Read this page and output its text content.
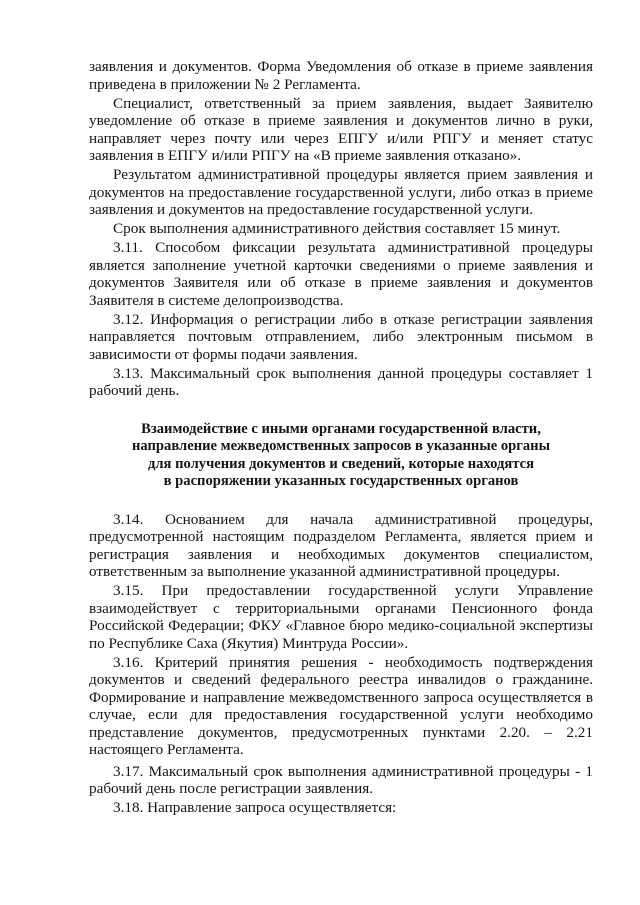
заявления и документов. Форма Уведомления об отказе в приеме заявления приведена в приложении № 2 Регламента.

Специалист, ответственный за прием заявления, выдает Заявителю уведомление об отказе в приеме заявления и документов лично в руки, направляет через почту или через ЕПГУ и/или РПГУ и меняет статус заявления в ЕПГУ и/или РПГУ на «В приеме заявления отказано».

Результатом административной процедуры является прием заявления и документов на предоставление государственной услуги, либо отказ в приеме заявления и документов на предоставление государственной услуги.

Срок выполнения административного действия составляет 15 минут.

3.11. Способом фиксации результата административной процедуры является заполнение учетной карточки сведениями о приеме заявления и документов Заявителя или об отказе в приеме заявления и документов Заявителя в системе делопроизводства.

3.12. Информация о регистрации либо в отказе регистрации заявления направляется почтовым отправлением, либо электронным письмом в зависимости от формы подачи заявления.

3.13. Максимальный срок выполнения данной процедуры составляет 1 рабочий день.

Взаимодействие с иными органами государственной власти,
направление межведомственных запросов в указанные органы
для получения документов и сведений, которые находятся
в распоряжении указанных государственных органов

3.14. Основанием для начала административной процедуры, предусмотренной настоящим подразделом Регламента, является прием и регистрация заявления и необходимых документов специалистом, ответственным за выполнение указанной административной процедуры.

3.15. При предоставлении государственной услуги Управление взаимодействует с территориальными органами Пенсионного фонда Российской Федерации; ФКУ «Главное бюро медико-социальной экспертизы по Республике Саха (Якутия) Минтруда России».

3.16. Критерий принятия решения - необходимость подтверждения документов и сведений федерального реестра инвалидов о гражданине. Формирование и направление межведомственного запроса осуществляется в случае, если для предоставления государственной услуги необходимо представление документов, предусмотренных пунктами 2.20. – 2.21 настоящего Регламента.

3.17. Максимальный срок выполнения административной процедуры - 1 рабочий день после регистрации заявления.

3.18. Направление запроса осуществляется:
